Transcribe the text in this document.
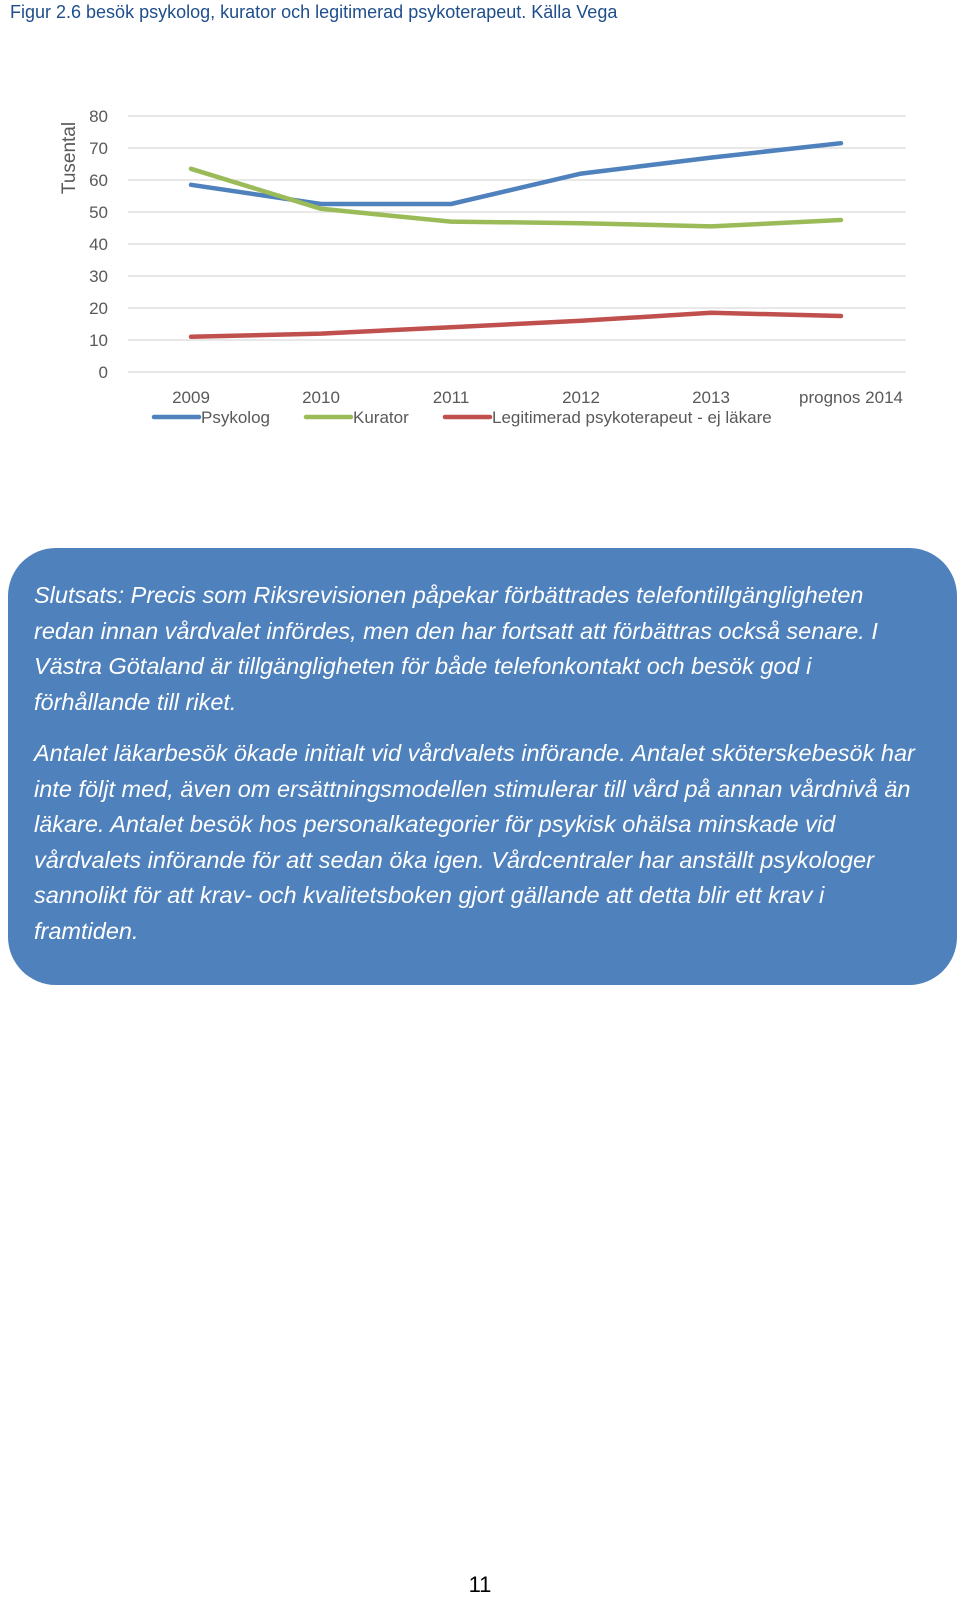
Figur 2.6 besök psykolog, kurator och legitimerad psykoterapeut. Källa Vega
0
10
20
30
40
50
60
70
80
2009	2010	2011	2012	2013	prognos 2014
Psykolog	Kurator	Legitimerad psykoterapeut - ej läkare
Tusental

Slutsats: Precis som Riksrevisionen påpekar förbättrades telefontillgängligheten redan innan vårdvalet infördes, men den har fortsatt att förbättras också senare. I Västra Götaland är tillgängligheten för både telefonkontakt och besök god i förhållande till riket.

Antalet läkarbesök ökade initialt vid vårdvalets införande. Antalet sköterskebesök har inte följt med, även om ersättningsmodellen stimulerar till vård på annan vårdnivå än läkare. Antalet besök hos personalkategorier för psykisk ohälsa minskade vid vårdvalets införande för att sedan öka igen. Vårdcentraler har anställt psykologer sannolikt för att krav- och kvalitetsboken gjort gällande att detta blir ett krav i framtiden.

11
